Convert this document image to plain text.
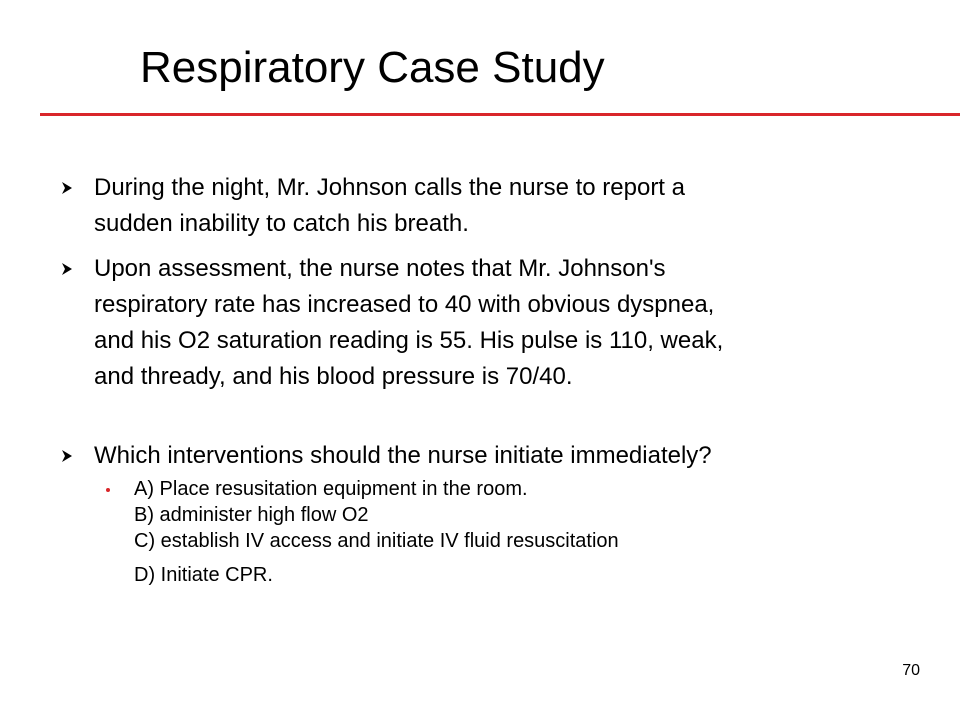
Respiratory Case Study
During the night, Mr. Johnson calls the nurse to report a
sudden inability to catch his breath.
Upon assessment, the nurse notes that Mr. Johnson's
respiratory rate has increased to 40 with obvious dyspnea,
and his O2 saturation reading is 55. His pulse is 110, weak,
and thready, and his blood pressure is 70/40.
Which interventions should the nurse initiate immediately?
A) Place resusitation equipment in the room.
B) administer high flow O2
C) establish IV access and initiate IV fluid resuscitation
D) Initiate CPR.
70
